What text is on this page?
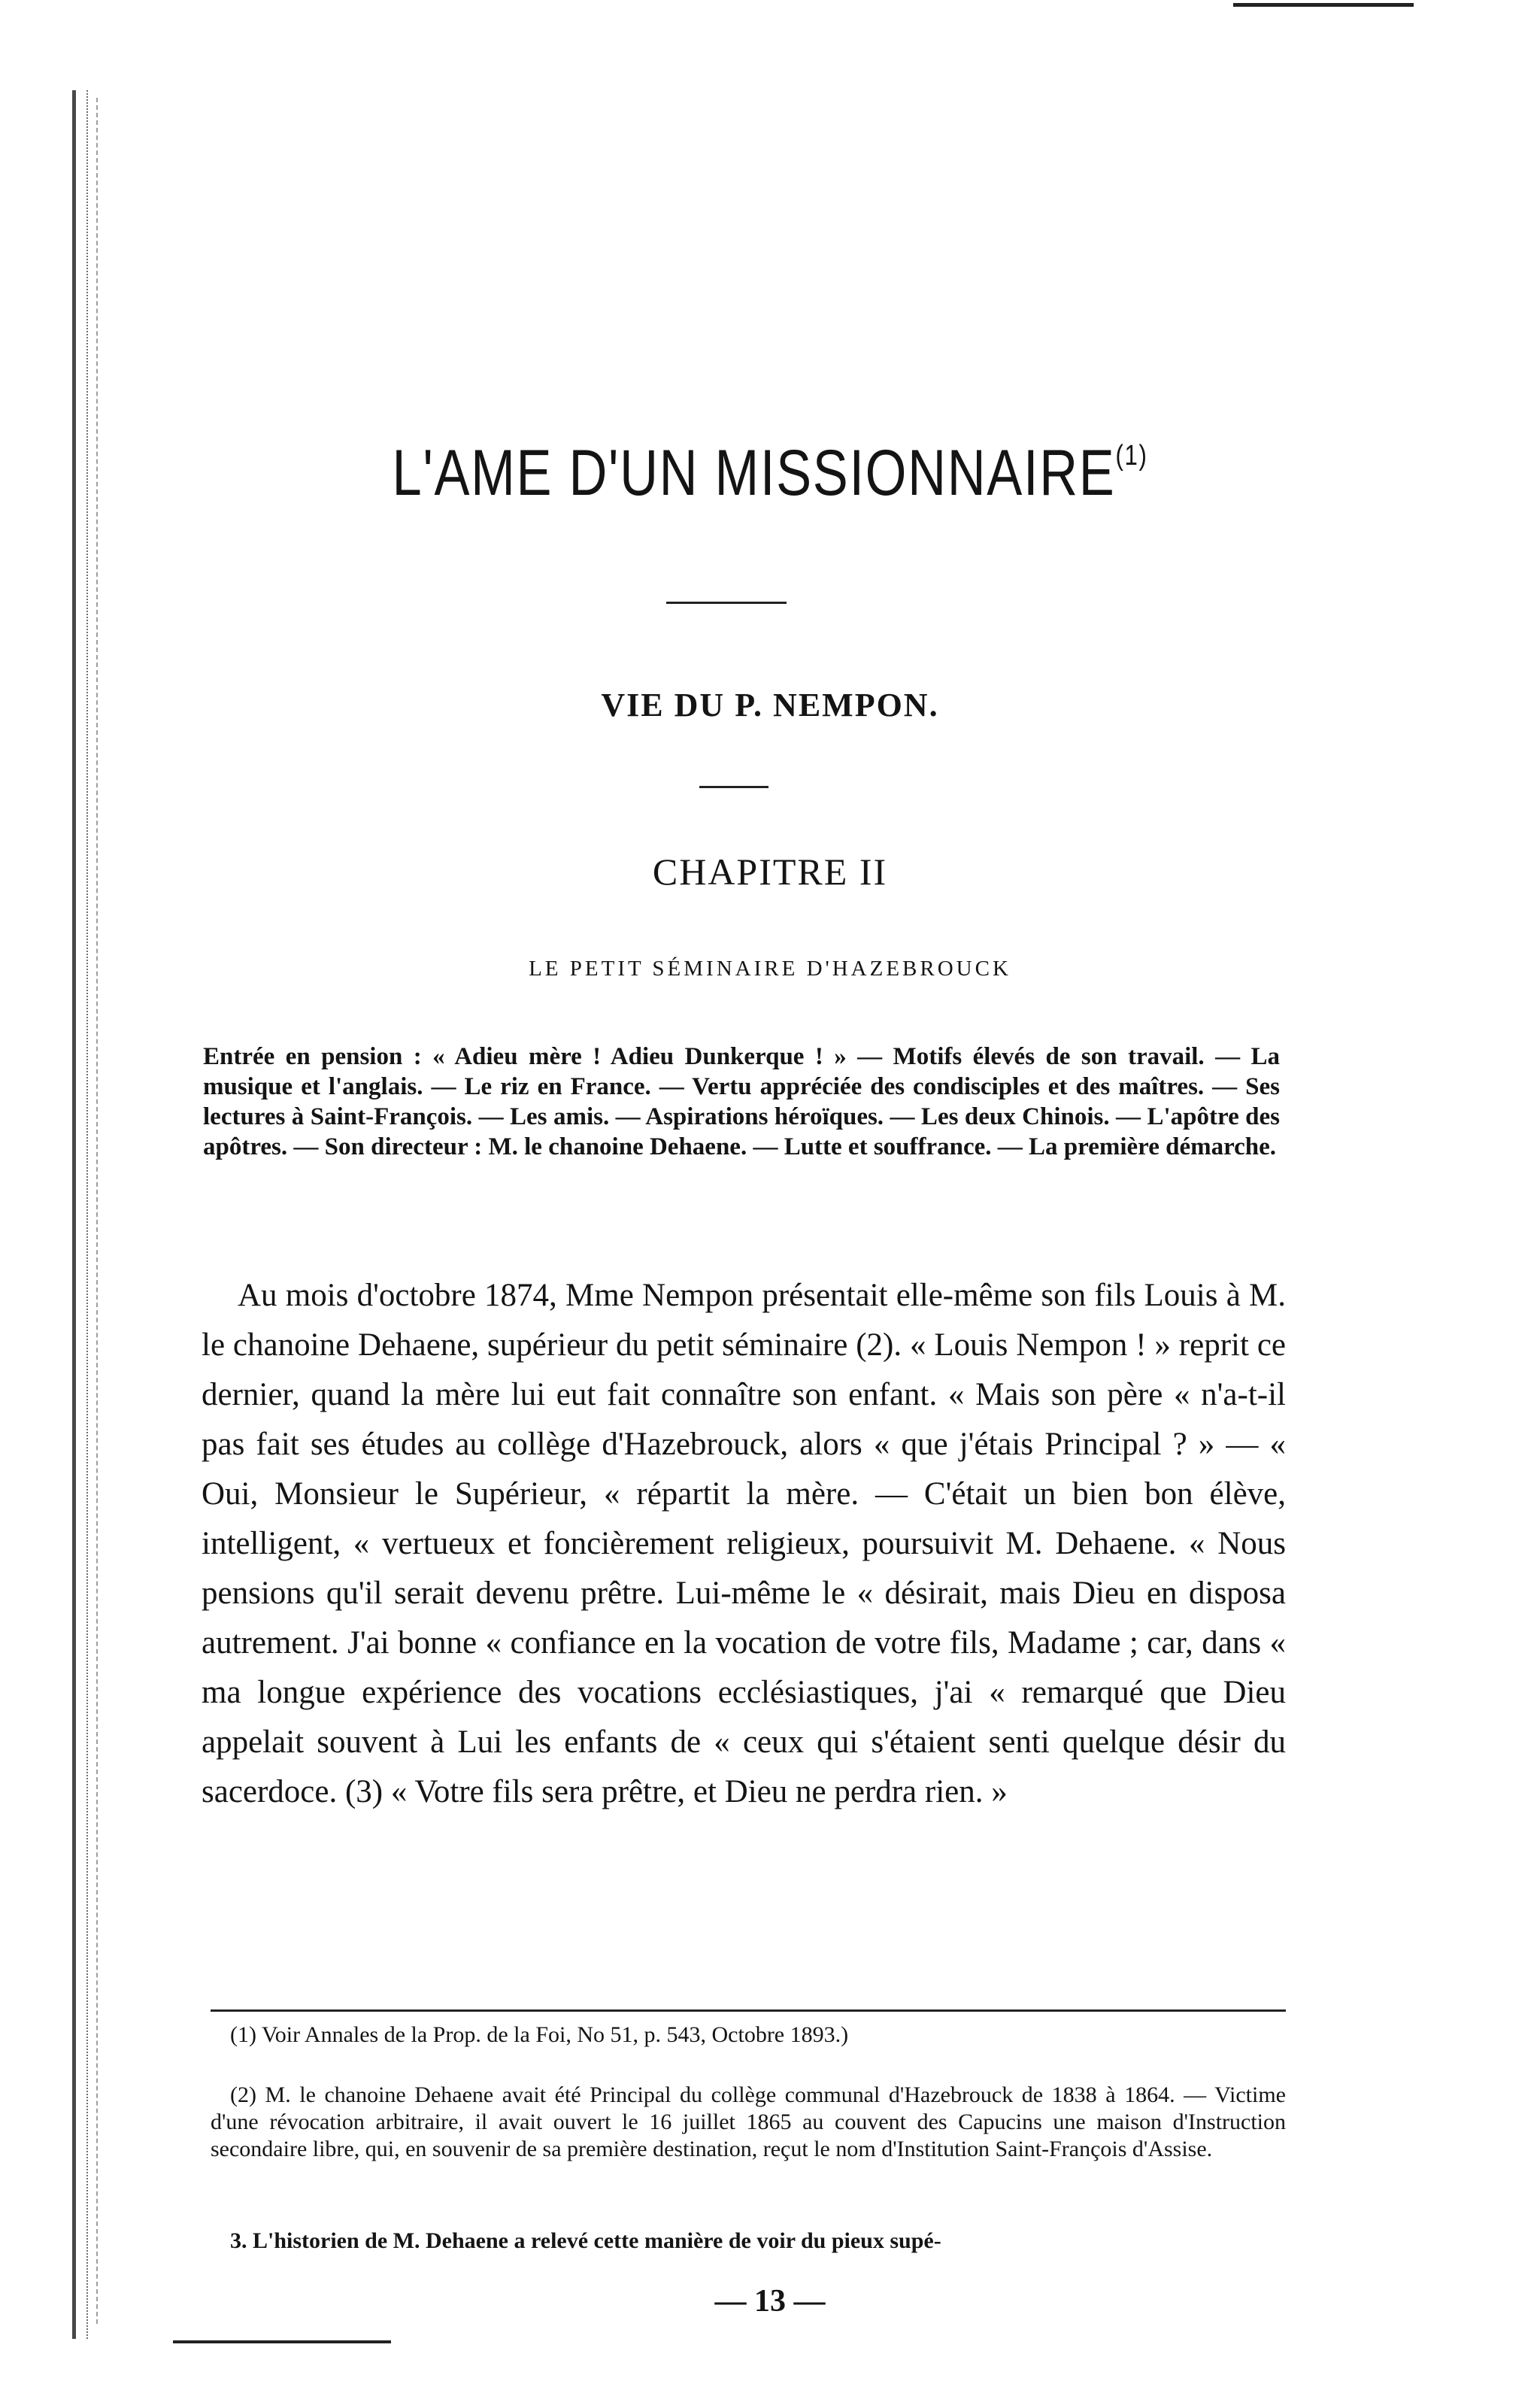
L'AME D'UN MISSIONNAIRE$^{(1)}$
VIE DU P. NEMPON.
CHAPITRE II
LE PETIT SÉMINAIRE D'HAZEBROUCK
Entrée en pension : « Adieu mère ! Adieu Dunkerque ! » — Motifs élevés de son travail. — La musique et l'anglais. — Le riz en France. — Vertu appréciée des condisciples et des maîtres. — Ses lectures à Saint-François. — Les amis. — Aspirations héroïques. — Les deux Chinois. — L'apôtre des apôtres. — Son directeur : M. le chanoine Dehaene. — Lutte et souffrance. — La première démarche.

Au mois d'octobre 1874, Mme Nempon présentait elle-même son fils Louis à M. le chanoine Dehaene, supérieur du petit séminaire (2). « Louis Nempon ! » reprit ce dernier, quand la mère lui eut fait connaître son enfant. « Mais son père « n'a-t-il pas fait ses études au collège d'Hazebrouck, alors « que j'étais Principal ? » — « Oui, Monsieur le Supérieur, « répartit la mère. — C'était un bien bon élève, intelligent, « vertueux et foncièrement religieux, poursuivit M. Dehaene. « Nous pensions qu'il serait devenu prêtre. Lui-même le « désirait, mais Dieu en disposa autrement. J'ai bonne « confiance en la vocation de votre fils, Madame ; car, dans « ma longue expérience des vocations ecclésiastiques, j'ai « remarqué que Dieu appelait souvent à Lui les enfants de « ceux qui s'étaient senti quelque désir du sacerdoce. (3) « Votre fils sera prêtre, et Dieu ne perdra rien. »

(1) Voir Annales de la Prop. de la Foi, No 51, p. 543, Octobre 1893.)

(2) M. le chanoine Dehaene avait été Principal du collège communal d'Hazebrouck de 1838 à 1864. — Victime d'une révocation arbitraire, il avait ouvert le 16 juillet 1865 au couvent des Capucins une maison d'Instruction secondaire libre, qui, en souvenir de sa première destination, reçut le nom d'Institution Saint-François d'Assise.

3. L'historien de M. Dehaene a relevé cette manière de voir du pieux supé-

— 13 —
